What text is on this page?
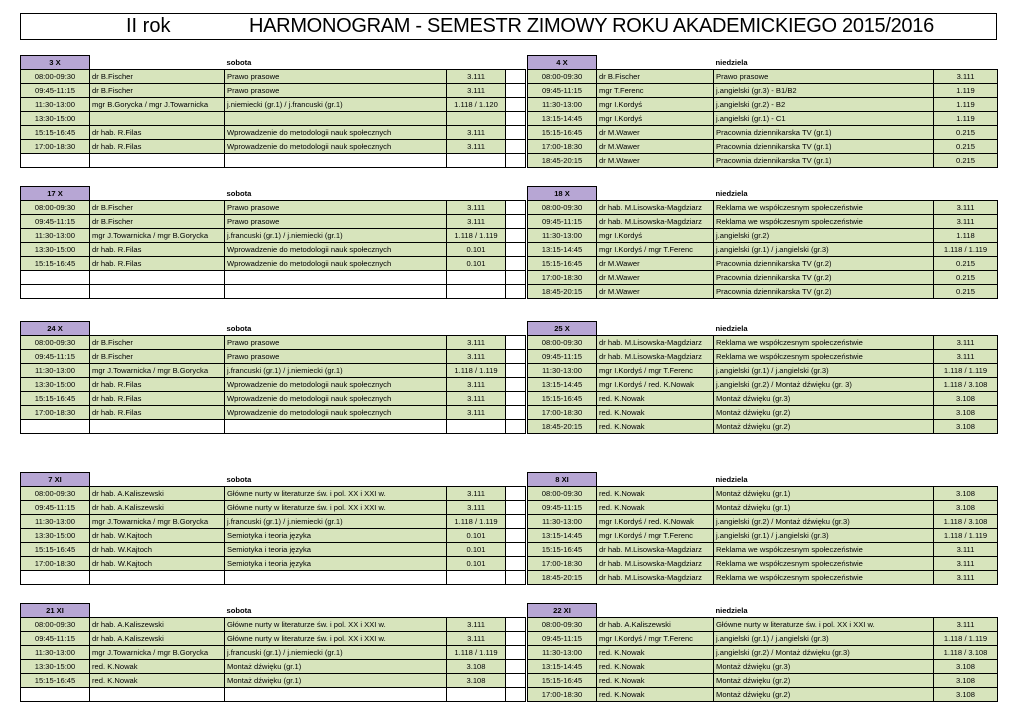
II rok	HARMONOGRAM - SEMESTR ZIMOWY ROKU AKADEMICKIEGO 2015/2016
3 X		sobota		
08:00-09:30	dr B.Fischer	Prawo prasowe	3.111	
09:45-11:15	dr B.Fischer	Prawo prasowe	3.111	
11:30-13:00	mgr B.Gorycka / mgr J.Towarnicka	j.niemiecki (gr.1) / j.francuski (gr.1)	1.118 / 1.120	
13:30-15:00				
15:15-16:45	dr hab. R.Filas	Wprowadzenie do metodologii nauk społecznych	3.111	
17:00-18:30	dr hab. R.Filas	Wprowadzenie do metodologii nauk społecznych	3.111	

4 X		niedziela	
08:00-09:30	dr B.Fischer	Prawo prasowe	3.111
09:45-11:15	mgr T.Ferenc	j.angielski (gr.3) - B1/B2	1.119
11:30-13:00	mgr I.Kordyś	j.angielski (gr.2) - B2	1.119
13:15-14:45	mgr I.Kordyś	j.angielski (gr.1) - C1	1.119
15:15-16:45	dr M.Wawer	Pracownia dziennikarska TV (gr.1)	0.215
17:00-18:30	dr M.Wawer	Pracownia dziennikarska TV (gr.1)	0.215
18:45-20:15	dr M.Wawer	Pracownia dziennikarska TV (gr.1)	0.215
17 X		sobota		
08:00-09:30	dr B.Fischer	Prawo prasowe	3.111	
09:45-11:15	dr B.Fischer	Prawo prasowe	3.111	
11:30-13:00	mgr J.Towarnicka / mgr B.Gorycka	j.francuski (gr.1) / j.niemiecki (gr.1)	1.118 / 1.119	
13:30-15:00	dr hab. R.Filas	Wprowadzenie do metodologii nauk społecznych	0.101	
15:15-16:45	dr hab. R.Filas	Wprowadzenie do metodologii nauk społecznych	0.101	

18 X		niedziela	
08:00-09:30	dr hab. M.Lisowska-Magdziarz	Reklama we współczesnym społeczeństwie	3.111
09:45-11:15	dr hab. M.Lisowska-Magdziarz	Reklama we współczesnym społeczeństwie	3.111
11:30-13:00	mgr I.Kordyś	j.angielski (gr.2)	1.118
13:15-14:45	mgr I.Kordyś / mgr T.Ferenc	j.angielski (gr.1) / j.angielski (gr.3)	1.118 / 1.119
15:15-16:45	dr M.Wawer	Pracownia dziennikarska TV (gr.2)	0.215
17:00-18:30	dr M.Wawer	Pracownia dziennikarska TV (gr.2)	0.215
18:45-20:15	dr M.Wawer	Pracownia dziennikarska TV (gr.2)	0.215
24 X		sobota		
08:00-09:30	dr B.Fischer	Prawo prasowe	3.111	
09:45-11:15	dr B.Fischer	Prawo prasowe	3.111	
11:30-13:00	mgr J.Towarnicka / mgr B.Gorycka	j.francuski (gr.1) / j.niemiecki (gr.1)	1.118 / 1.119	
13:30-15:00	dr hab. R.Filas	Wprowadzenie do metodologii nauk społecznych	3.111	
15:15-16:45	dr hab. R.Filas	Wprowadzenie do metodologii nauk społecznych	3.111	
17:00-18:30	dr hab. R.Filas	Wprowadzenie do metodologii nauk społecznych	3.111	

25 X		niedziela	
08:00-09:30	dr hab. M.Lisowska-Magdziarz	Reklama we współczesnym społeczeństwie	3.111
09:45-11:15	dr hab. M.Lisowska-Magdziarz	Reklama we współczesnym społeczeństwie	3.111
11:30-13:00	mgr I.Kordyś / mgr T.Ferenc	j.angielski (gr.1) / j.angielski (gr.3)	1.118 / 1.119
13:15-14:45	mgr I.Kordyś / red. K.Nowak	j.angielski (gr.2) / Montaż dźwięku (gr. 3)	1.118 / 3.108
15:15-16:45	red. K.Nowak	Montaż dźwięku (gr.3)	3.108
17:00-18:30	red. K.Nowak	Montaż dźwięku (gr.2)	3.108
18:45-20:15	red. K.Nowak	Montaż dźwięku (gr.2)	3.108
7 XI		sobota		
08:00-09:30	dr hab. A.Kaliszewski	Główne nurty w literaturze św. i pol. XX i XXI w.	3.111	
09:45-11:15	dr hab. A.Kaliszewski	Główne nurty w literaturze św. i pol. XX i XXI w.	3.111	
11:30-13:00	mgr J.Towarnicka / mgr B.Gorycka	j.francuski (gr.1) / j.niemiecki (gr.1)	1.118 / 1.119	
13:30-15:00	dr hab. W.Kajtoch	Semiotyka i teoria języka	0.101	
15:15-16:45	dr hab. W.Kajtoch	Semiotyka i teoria języka	0.101	
17:00-18:30	dr hab. W.Kajtoch	Semiotyka i teoria języka	0.101	

8 XI		niedziela	
08:00-09:30	red. K.Nowak	Montaż dźwięku (gr.1)	3.108
09:45-11:15	red. K.Nowak	Montaż dźwięku (gr.1)	3.108
11:30-13:00	mgr I.Kordyś / red. K.Nowak	j.angielski (gr.2) / Montaż dźwięku (gr.3)	1.118 / 3.108
13:15-14:45	mgr I.Kordyś / mgr T.Ferenc	j.angielski (gr.1) / j.angielski (gr.3)	1.118 / 1.119
15:15-16:45	dr hab. M.Lisowska-Magdziarz	Reklama we współczesnym społeczeństwie	3.111
17:00-18:30	dr hab. M.Lisowska-Magdziarz	Reklama we współczesnym społeczeństwie	3.111
18:45-20:15	dr hab. M.Lisowska-Magdziarz	Reklama we współczesnym społeczeństwie	3.111
21 XI		sobota		
08:00-09:30	dr hab. A.Kaliszewski	Główne nurty w literaturze św. i pol. XX i XXI w.	3.111	
09:45-11:15	dr hab. A.Kaliszewski	Główne nurty w literaturze św. i pol. XX i XXI w.	3.111	
11:30-13:00	mgr J.Towarnicka / mgr B.Gorycka	j.francuski (gr.1) / j.niemiecki (gr.1)	1.118 / 1.119	
13:30-15:00	red. K.Nowak	Montaż dźwięku (gr.1)	3.108	
15:15-16:45	red. K.Nowak	Montaż dźwięku (gr.1)	3.108	

22 XI		niedziela	
08:00-09:30	dr hab. A.Kaliszewski	Główne nurty w literaturze św. i pol. XX i XXI w.	3.111
09:45-11:15	mgr I.Kordyś / mgr T.Ferenc	j.angielski (gr.1) / j.angielski (gr.3)	1.118 / 1.119
11:30-13:00	red. K.Nowak	j.angielski (gr.2) / Montaż dźwięku (gr.3)	1.118 / 3.108
13:15-14:45	red. K.Nowak	Montaż dźwięku (gr.3)	3.108
15:15-16:45	red. K.Nowak	Montaż dźwięku (gr.2)	3.108
17:00-18:30	red. K.Nowak	Montaż dźwięku (gr.2)	3.108
